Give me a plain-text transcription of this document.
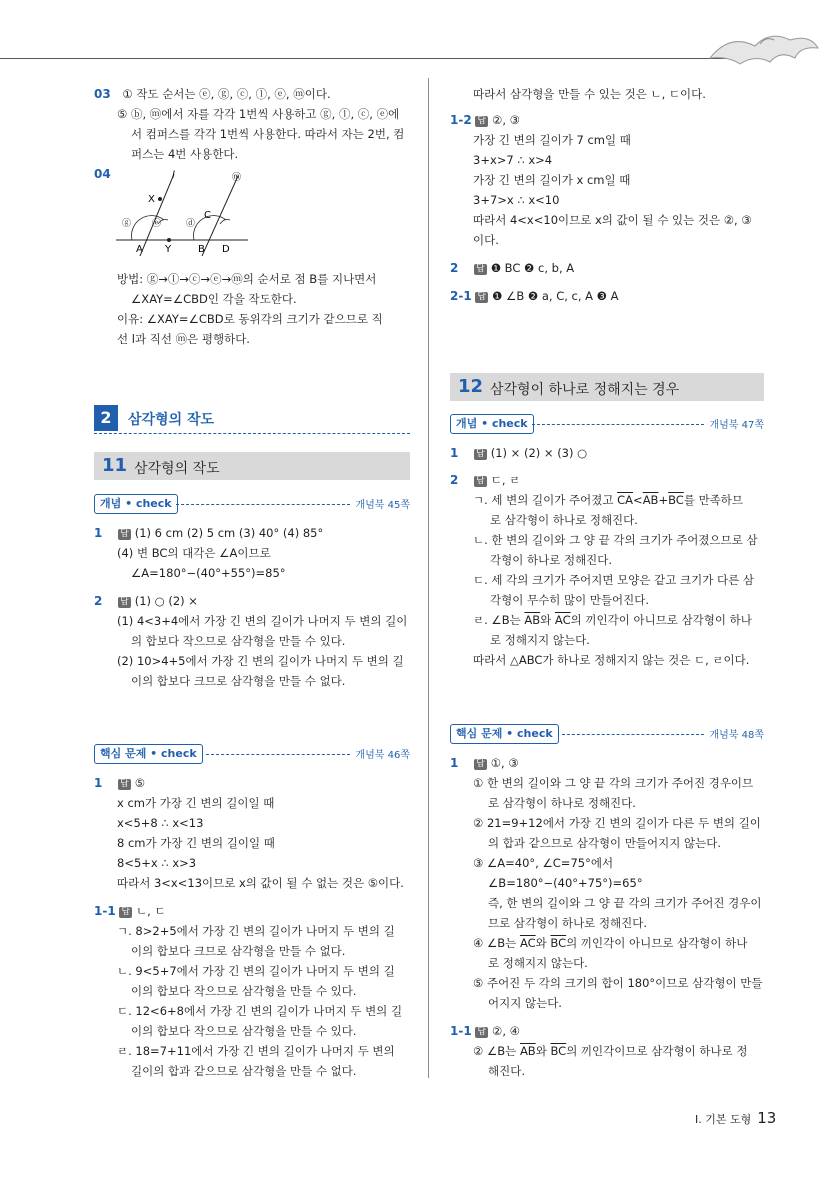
03 ① 작도 순서는 ⓔ, ⓖ, ⓒ, ⓛ, ⓔ, ⓜ이다.
⑤ ⓑ, ⓜ에서 자를 각각 1번씩 사용하고 ⓖ, ⓛ, ⓒ, ⓔ에
서 컴퍼스를 각각 1번씩 사용한다. 따라서 자는 2번, 컴
퍼스는 4번 사용한다.
04	l	ⓜ
X
C
ⓖ ⓔ	ⓓ
A Y	B D
방법: ⓖ→ⓛ→ⓒ→ⓔ→ⓜ의 순서로 점 B를 지나면서
∠XAY=∠CBD인 각을 작도한다.
이유: ∠XAY=∠CBD로 동위각의 크기가 같으므로 직
선 l과 직선 ⓜ은 평행하다.
2	삼각형의 작도
11 삼각형의 작도
개념 • check	개념북 45쪽
1 답 (1) 6 cm (2) 5 cm (3) 40° (4) 85°
(4) 변 BC의 대각은 ∠A이므로
∠A=180°−(40°+55°)=85°
2 답 (1) ○ (2) ×
(1) 4<3+4에서 가장 긴 변의 길이가 나머지 두 변의 길이
의 합보다 작으므로 삼각형을 만들 수 있다.
(2) 10>4+5에서 가장 긴 변의 길이가 나머지 두 변의 길
이의 합보다 크므로 삼각형을 만들 수 없다.
핵심 문제 • check	개념북 46쪽
1 답 ⑤
x cm가 가장 긴 변의 길이일 때
x<5+8 ∴ x<13
8 cm가 가장 긴 변의 길이일 때
8<5+x ∴ x>3
따라서 3<x<13이므로 x의 값이 될 수 없는 것은 ⑤이다.
1-1 답 ㄴ, ㄷ
ㄱ. 8>2+5에서 가장 긴 변의 길이가 나머지 두 변의 길
이의 합보다 크므로 삼각형을 만들 수 없다.
ㄴ. 9<5+7에서 가장 긴 변의 길이가 나머지 두 변의 길
이의 합보다 작으므로 삼각형을 만들 수 있다.
ㄷ. 12<6+8에서 가장 긴 변의 길이가 나머지 두 변의 길
이의 합보다 작으므로 삼각형을 만들 수 있다.
ㄹ. 18=7+11에서 가장 긴 변의 길이가 나머지 두 변의
길이의 합과 같으므로 삼각형을 만들 수 없다.
따라서 삼각형을 만들 수 있는 것은 ㄴ, ㄷ이다.
1-2 답 ②, ③
가장 긴 변의 길이가 7 cm일 때
3+x>7 ∴ x>4
가장 긴 변의 길이가 x cm일 때
3+7>x ∴ x<10
따라서 4<x<10이므로 x의 값이 될 수 있는 것은 ②, ③
이다.
2 답 ❶ BC ❷ c, b, A
2-1 답 ❶ ∠B ❷ a, C, c, A ❸ A
12 삼각형이 하나로 정해지는 경우
개념 • check	개념북 47쪽
1 답 (1) × (2) × (3) ○
2 답 ㄷ, ㄹ
ㄱ. 세 변의 길이가 주어졌고 $\overline{CA}<\overline{AB}+\overline{BC}$를 만족하므
로 삼각형이 하나로 정해진다.
ㄴ. 한 변의 길이와 그 양 끝 각의 크기가 주어졌으므로 삼
각형이 하나로 정해진다.
ㄷ. 세 각의 크기가 주어지면 모양은 같고 크기가 다른 삼
각형이 무수히 많이 만들어진다.
ㄹ. ∠B는 $\overline{AB}$와 $\overline{AC}$의 끼인각이 아니므로 삼각형이 하나
로 정해지지 않는다.
따라서 △ABC가 하나로 정해지지 않는 것은 ㄷ, ㄹ이다.
핵심 문제 • check	개념북 48쪽
1 답 ①, ③
① 한 변의 길이와 그 양 끝 각의 크기가 주어진 경우이므
로 삼각형이 하나로 정해진다.
② 21=9+12에서 가장 긴 변의 길이가 다른 두 변의 길이
의 합과 같으므로 삼각형이 만들어지지 않는다.
③ ∠A=40°, ∠C=75°에서
∠B=180°−(40°+75°)=65°
즉, 한 변의 길이와 그 양 끝 각의 크기가 주어진 경우이
므로 삼각형이 하나로 정해진다.
④ ∠B는 $\overline{AC}$와 $\overline{BC}$의 끼인각이 아니므로 삼각형이 하나
로 정해지지 않는다.
⑤ 주어진 두 각의 크기의 합이 180°이므로 삼각형이 만들
어지지 않는다.
1-1 답 ②, ④
② ∠B는 $\overline{AB}$와 $\overline{BC}$의 끼인각이므로 삼각형이 하나로 정
해진다.
Ⅰ. 기본 도형 13
